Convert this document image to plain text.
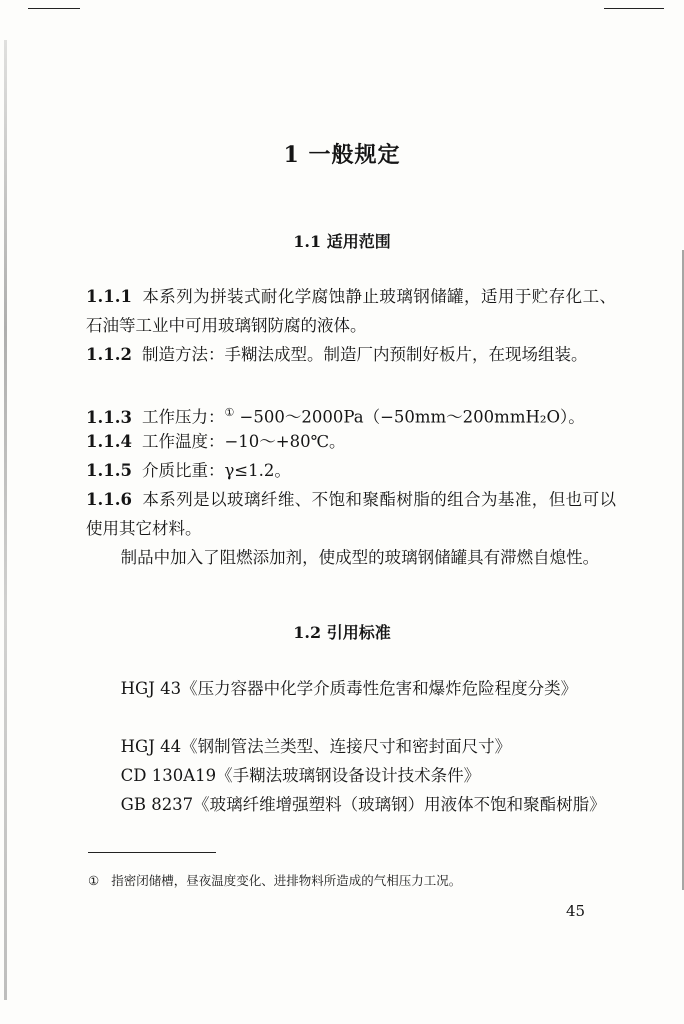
1 一般规定
1.1 适用范围
1.1.1 本系列为拼装式耐化学腐蚀静止玻璃钢储罐，适用于贮存化工、石油等工业中可用玻璃钢防腐的液体。
1.1.2 制造方法：手糊法成型。制造厂内预制好板片，在现场组装。
1.1.3 工作压力：① −500～2000Pa（−50mm～200mmH₂O）。
1.1.4 工作温度：−10～+80℃。
1.1.5 介质比重：γ≤1.2。
1.1.6 本系列是以玻璃纤维、不饱和聚酯树脂的组合为基准，但也可以使用其它材料。
制品中加入了阻燃添加剂，使成型的玻璃钢储罐具有滞燃自熄性。
1.2 引用标准
HGJ 43《压力容器中化学介质毒性危害和爆炸危险程度分类》
HGJ 44《钢制管法兰类型、连接尺寸和密封面尺寸》
CD 130A19《手糊法玻璃钢设备设计技术条件》
GB 8237《玻璃纤维增强塑料（玻璃钢）用液体不饱和聚酯树脂》
① 指密闭储槽，昼夜温度变化、进排物料所造成的气相压力工况。
45
